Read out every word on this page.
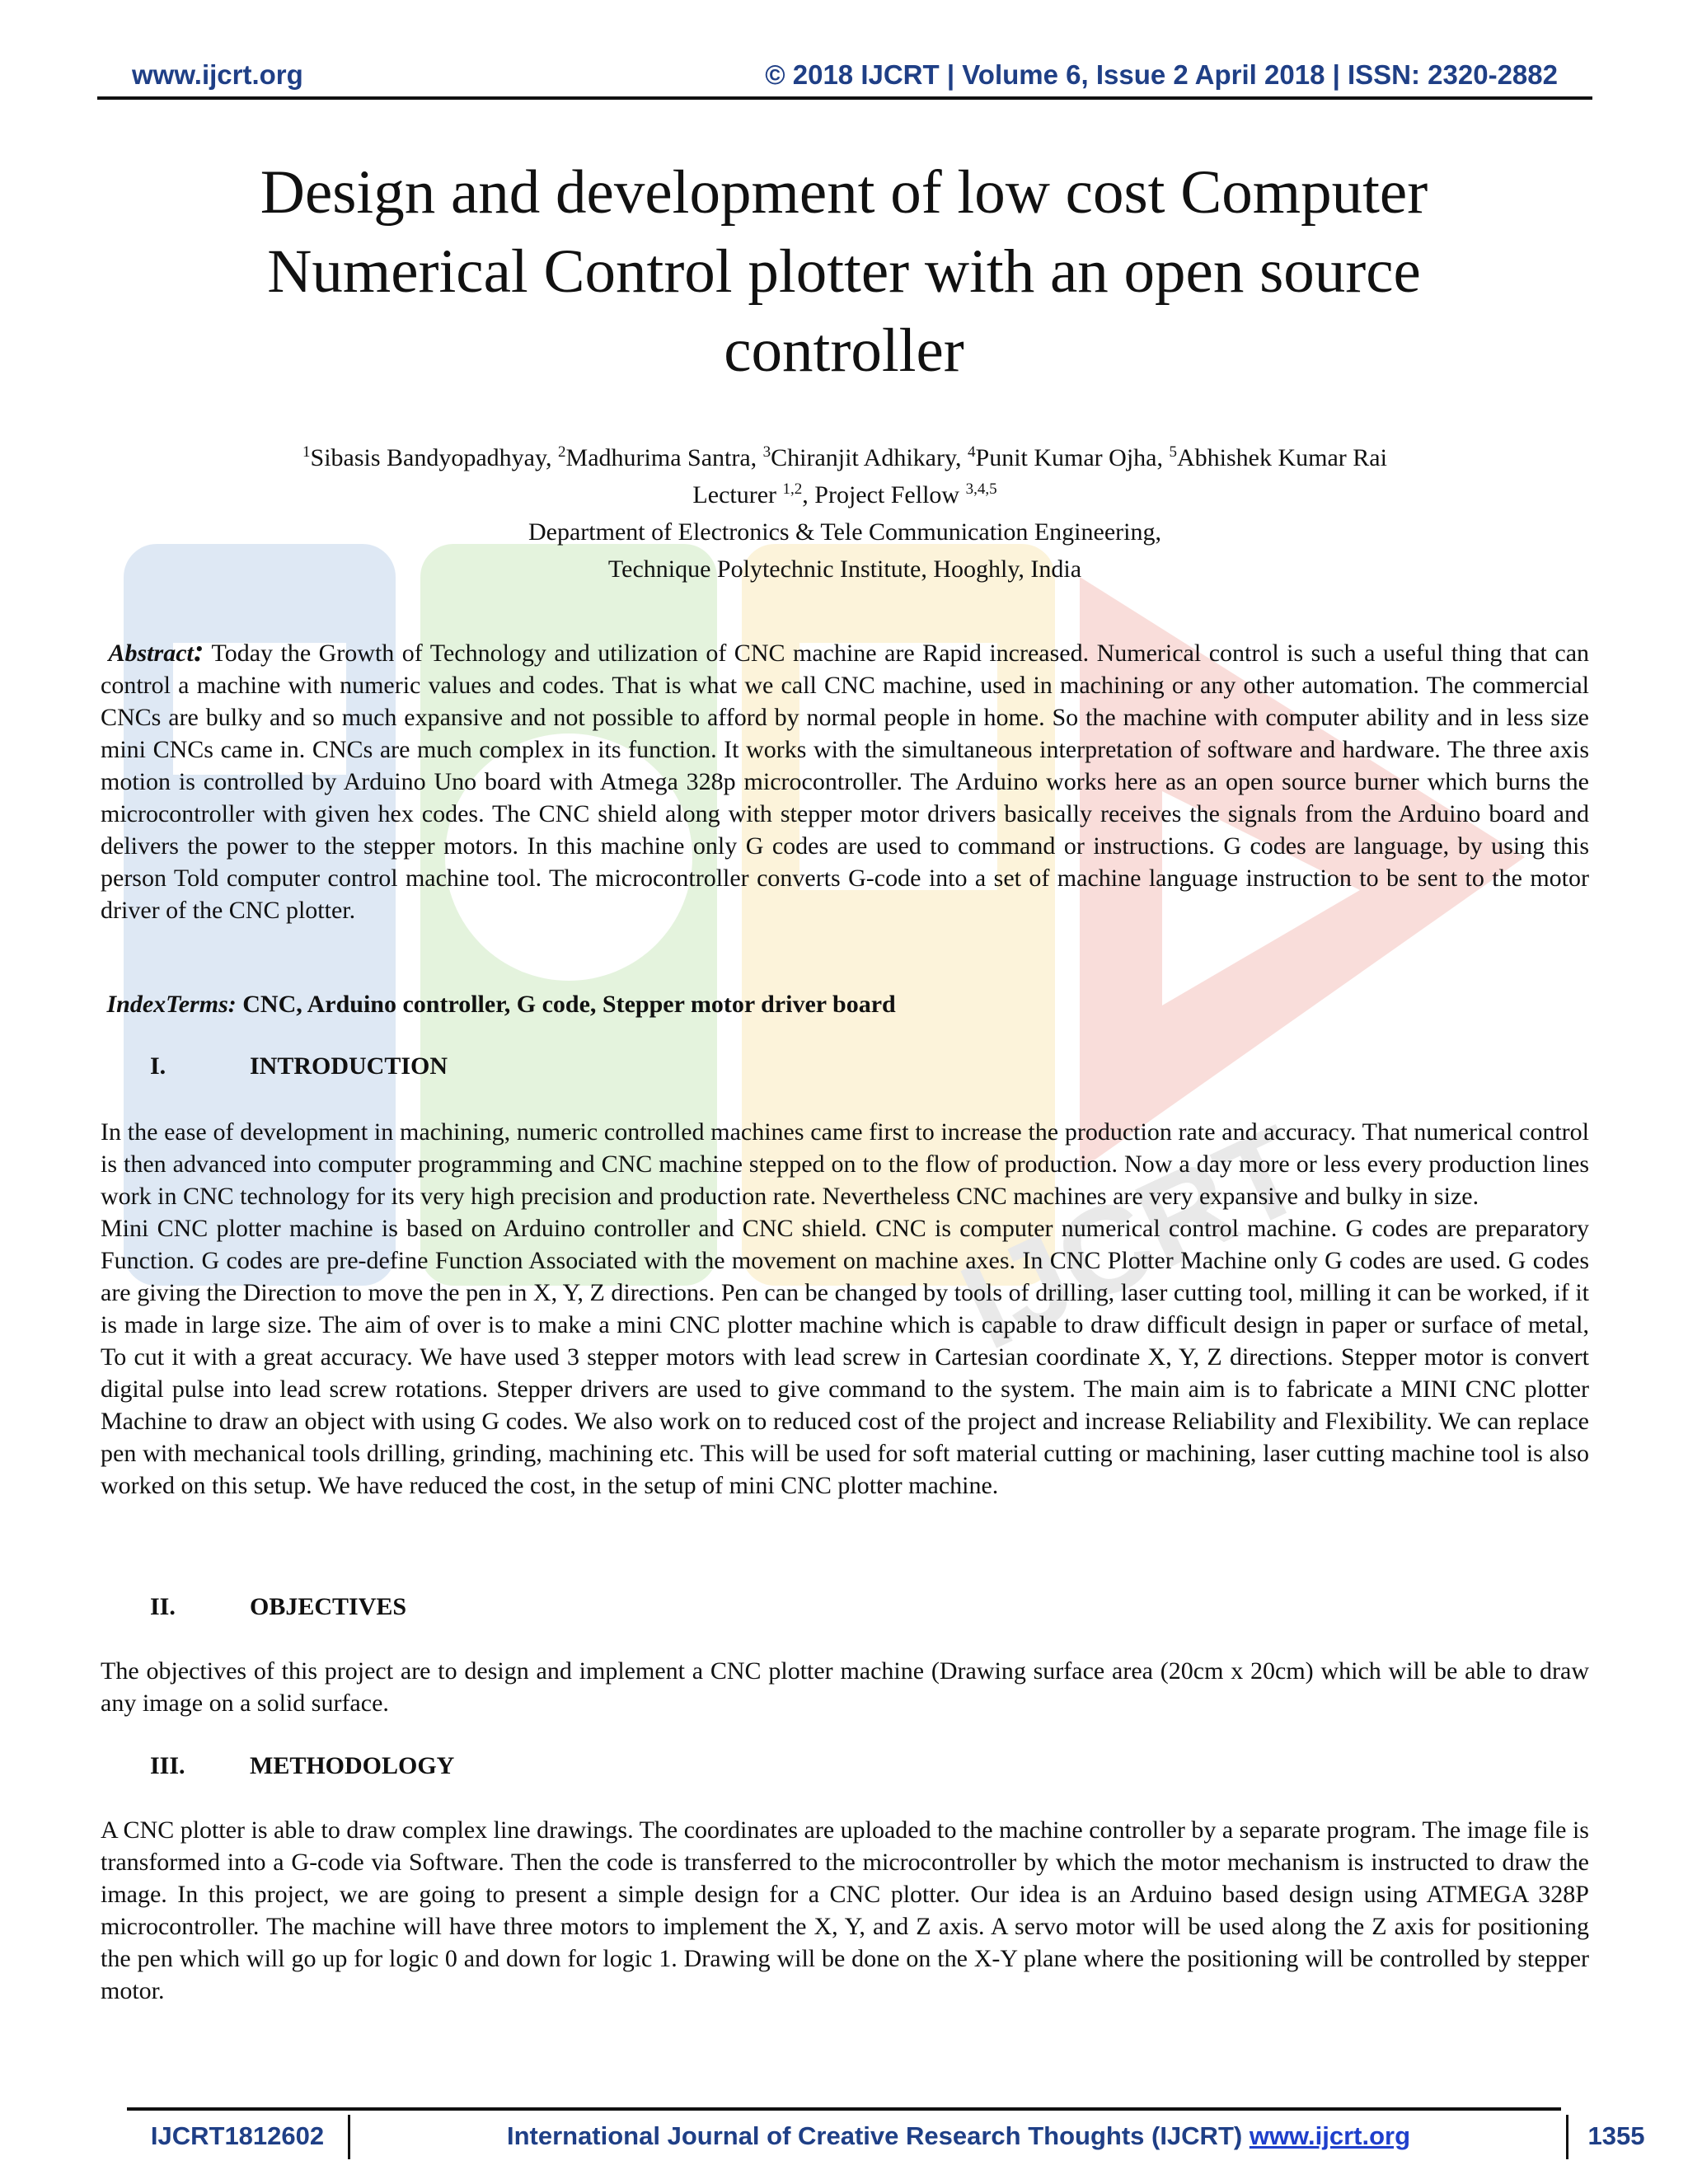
IJCRT
www.ijcrt.org	© 2018 IJCRT | Volume 6, Issue 2 April 2018 | ISSN: 2320-2882
Design and development of low cost Computer
Numerical Control plotter with an open source
controller
$^1$Sibasis Bandyopadhyay, $^2$Madhurima Santra, $^3$Chiranjit Adhikary, $^4$Punit Kumar Ojha, $^5$Abhishek Kumar Rai
Lecturer $^{1,2}$, Project Fellow $^{3,4,5}$
Department of Electronics & Tele Communication Engineering,
Technique Polytechnic Institute, Hooghly, India

Abstract: Today the Growth of Technology and utilization of CNC machine are Rapid increased. Numerical control is such a useful thing that can control a machine with numeric values and codes. That is what we call CNC machine, used in machining or any other automation. The commercial CNCs are bulky and so much expansive and not possible to afford by normal people in home. So the machine with computer ability and in less size mini CNCs came in. CNCs are much complex in its function. It works with the simultaneous interpretation of software and hardware. The three axis motion is controlled by Arduino Uno board with Atmega 328p microcontroller. The Arduino works here as an open source burner which burns the microcontroller with given hex codes. The CNC shield along with stepper motor drivers basically receives the signals from the Arduino board and delivers the power to the stepper motors. In this machine only G codes are used to command or instructions. G codes are language, by using this person Told computer control machine tool. The microcontroller converts G-code into a set of machine language instruction to be sent to the motor driver of the CNC plotter.

IndexTerms: CNC, Arduino controller, G code, Stepper motor driver board

I.	INTRODUCTION

In the ease of development in machining, numeric controlled machines came first to increase the production rate and accuracy. That numerical control is then advanced into computer programming and CNC machine stepped on to the flow of production. Now a day more or less every production lines work in CNC technology for its very high precision and production rate. Nevertheless CNC machines are very expansive and bulky in size.

Mini CNC plotter machine is based on Arduino controller and CNC shield. CNC is computer numerical control machine. G codes are preparatory Function. G codes are pre-define Function Associated with the movement on machine axes. In CNC Plotter Machine only G codes are used. G codes are giving the Direction to move the pen in X, Y, Z directions. Pen can be changed by tools of drilling, laser cutting tool, milling it can be worked, if it is made in large size. The aim of over is to make a mini CNC plotter machine which is capable to draw difficult design in paper or surface of metal, To cut it with a great accuracy. We have used 3 stepper motors with lead screw in Cartesian coordinate X, Y, Z directions. Stepper motor is convert digital pulse into lead screw rotations. Stepper drivers are used to give command to the system. The main aim is to fabricate a MINI CNC plotter Machine to draw an object with using G codes. We also work on to reduced cost of the project and increase Reliability and Flexibility. We can replace pen with mechanical tools drilling, grinding, machining etc. This will be used for soft material cutting or machining, laser cutting machine tool is also worked on this setup. We have reduced the cost, in the setup of mini CNC plotter machine.

II.	OBJECTIVES

The objectives of this project are to design and implement a CNC plotter machine (Drawing surface area (20cm x 20cm) which will be able to draw any image on a solid surface.

III.	METHODOLOGY

A CNC plotter is able to draw complex line drawings. The coordinates are uploaded to the machine controller by a separate program. The image file is transformed into a G-code via Software. Then the code is transferred to the microcontroller by which the motor mechanism is instructed to draw the image. In this project, we are going to present a simple design for a CNC plotter. Our idea is an Arduino based design using ATMEGA 328P microcontroller. The machine will have three motors to implement the X, Y, and Z axis. A servo motor will be used along the Z axis for positioning the pen which will go up for logic 0 and down for logic 1. Drawing will be done on the X-Y plane where the positioning will be controlled by stepper motor.

IJCRT1812602	International Journal of Creative Research Thoughts (IJCRT) www.ijcrt.org	1355
